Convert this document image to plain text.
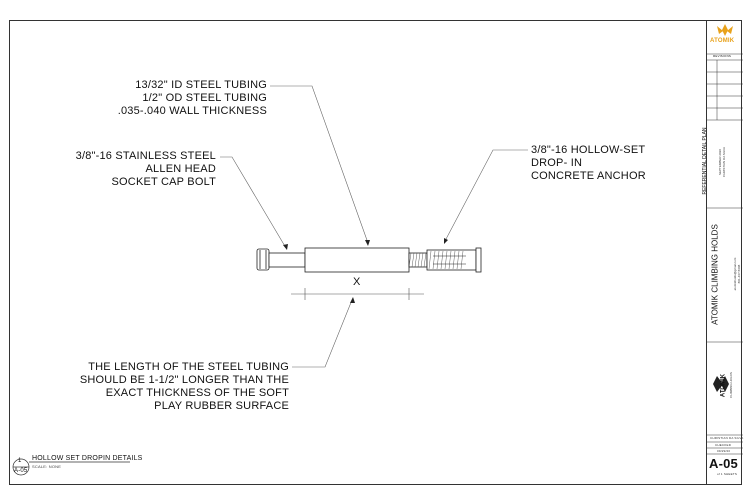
13/32" ID STEEL TUBING
1/2" OD STEEL TUBING
.035-.040 WALL THICKNESS
3/8"-16 STAINLESS STEEL
ALLEN HEAD
SOCKET CAP BOLT
3/8"-16 HOLLOW-SET
DROP- IN
CONCRETE ANCHOR
THE LENGTH OF THE STEEL TUBING
SHOULD BE 1-1/2" LONGER THAN THE
EXACT THICKNESS OF THE SOFT
PLAY RUBBER SURFACE
X
1
A-05
HOLLOW SET DROPIN DETAILS
SCALE: NONE
ATOMIK
REVISIONS
REFERENTIAL DETAIL PLAN	SEPTEMBER 2020 CHRISTIAN DA SILVA
ATOMIK CLIMBING HOLDS	atomikholds@gmail.com 801-467-5608
ATOMIK CLIMBING HOLDS
CHRISTIAN DA SILVA
CHECKED
09/29/20
A-05
of 1 SHEETS
